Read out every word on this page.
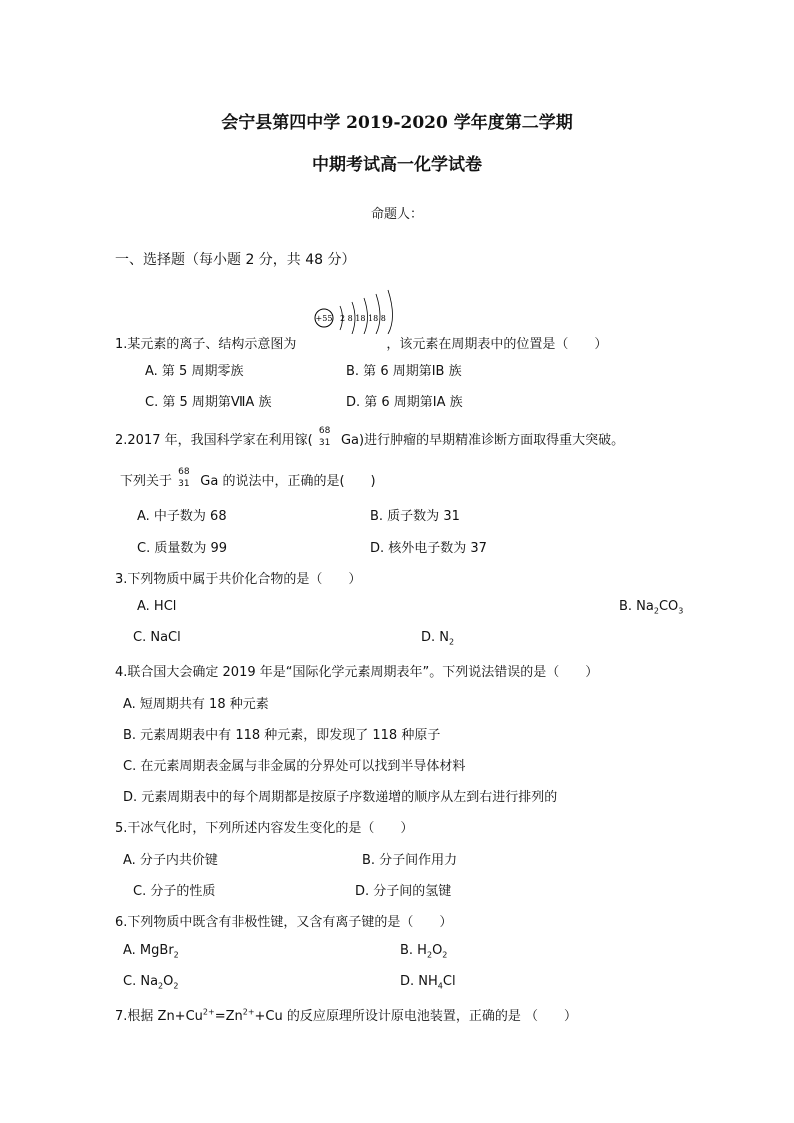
会宁县第四中学 2019-2020 学年度第二学期
中期考试高一化学试卷
命题人：
一、选择题（每小题 2 分，共 48 分）
+55 2 8 18 18 8
1.某元素的离子、结构示意图为	，该元素在周期表中的位置是（　　）
A. 第 5 周期零族	B. 第 6 周期第ⅠB 族
C. 第 5 周期第ⅦA 族	D. 第 6 周期第ⅠA 族
2.2017 年，我国科学家在利用镓(
68
31 Ga)进行肿瘤的早期精准诊断方面取得重大突破。
下列关于
68
31 Ga 的说法中，正确的是(　　)
A. 中子数为 68	B. 质子数为 31
C. 质量数为 99	D. 核外电子数为 37
3.下列物质中属于共价化合物的是（　　）
A. HCl	B. $Na_2CO_3$
C. NaCl	D. $N_2$
4.联合国大会确定 2019 年是“国际化学元素周期表年”。下列说法错误的是（　　）
A. 短周期共有 18 种元素
B. 元素周期表中有 118 种元素，即发现了 118 种原子
C. 在元素周期表金属与非金属的分界处可以找到半导体材料
D. 元素周期表中的每个周期都是按原子序数递增的顺序从左到右进行排列的
5.干冰气化时，下列所述内容发生变化的是（　　）
A. 分子内共价键	B. 分子间作用力
C. 分子的性质	D. 分子间的氢键
6.下列物质中既含有非极性键，又含有离子键的是（　　）
A. MgBr$_2$	B. $H_2O_2$
C. $Na_2O_2$	D. $NH_4Cl$
7.根据 $Zn+Cu^{2+}=Zn^{2+}+Cu$ 的反应原理所设计原电池装置，正确的是 （　　）
